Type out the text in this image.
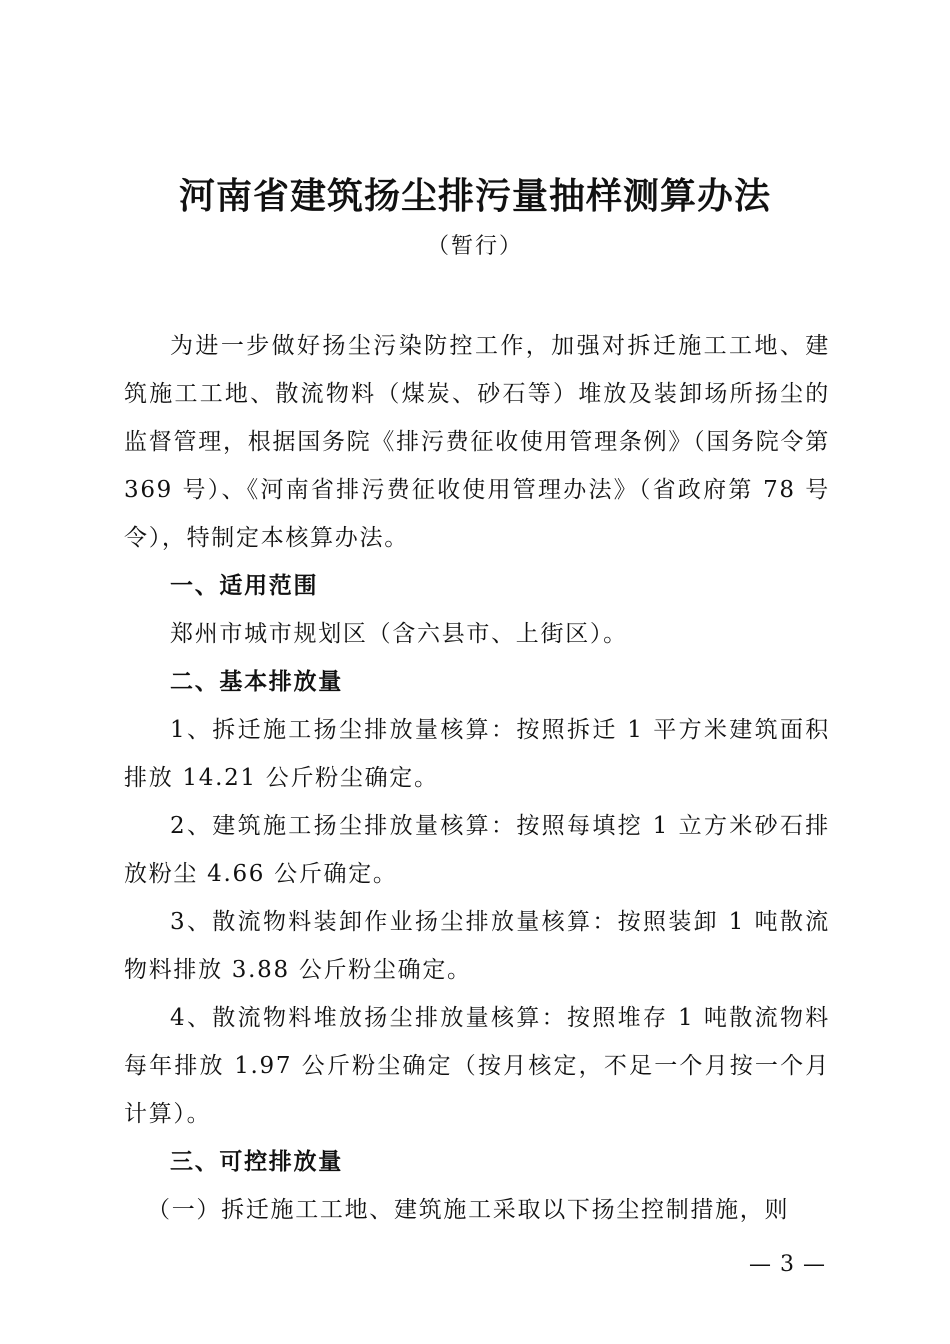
河南省建筑扬尘排污量抽样测算办法
（暂行）

为进一步做好扬尘污染防控工作，加强对拆迁施工工地、建筑施工工地、散流物料（煤炭、砂石等）堆放及装卸场所扬尘的监督管理，根据国务院《排污费征收使用管理条例》（国务院令第 369 号）、《河南省排污费征收使用管理办法》（省政府第 78 号令），特制定本核算办法。

一、适用范围

郑州市城市规划区（含六县市、上街区）。

二、基本排放量

1、拆迁施工扬尘排放量核算：按照拆迁 1 平方米建筑面积排放 14.21 公斤粉尘确定。

2、建筑施工扬尘排放量核算：按照每填挖 1 立方米砂石排放粉尘 4.66 公斤确定。

3、散流物料装卸作业扬尘排放量核算：按照装卸 1 吨散流物料排放 3.88 公斤粉尘确定。

4、散流物料堆放扬尘排放量核算：按照堆存 1 吨散流物料每年排放 1.97 公斤粉尘确定（按月核定，不足一个月按一个月计算）。

三、可控排放量

（一）拆迁施工工地、建筑施工采取以下扬尘控制措施，则

— 3 —
